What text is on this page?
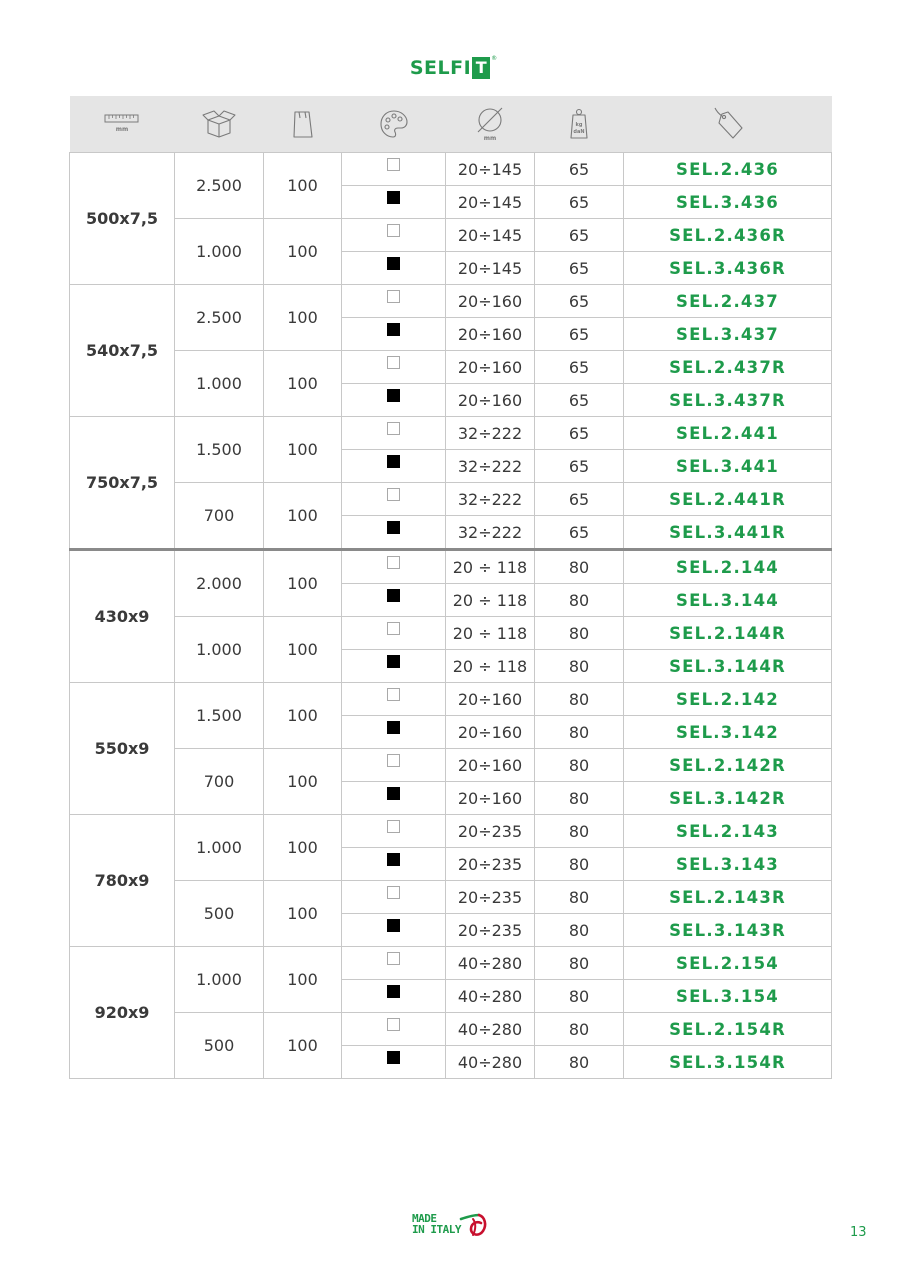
SELFI T ®
mm				mm	kg
daN

500x7,5	2.500	100		20÷145	65	SEL.2.436
				20÷145	65	SEL.3.436
	1.000	100		20÷145	65	SEL.2.436R
				20÷145	65	SEL.3.436R
540x7,5	2.500	100		20÷160	65	SEL.2.437
				20÷160	65	SEL.3.437
	1.000	100		20÷160	65	SEL.2.437R
				20÷160	65	SEL.3.437R
750x7,5	1.500	100		32÷222	65	SEL.2.441
				32÷222	65	SEL.3.441
	700	100		32÷222	65	SEL.2.441R
				32÷222	65	SEL.3.441R
430x9	2.000	100		20 ÷ 118	80	SEL.2.144
				20 ÷ 118	80	SEL.3.144
	1.000	100		20 ÷ 118	80	SEL.2.144R
				20 ÷ 118	80	SEL.3.144R
550x9	1.500	100		20÷160	80	SEL.2.142
				20÷160	80	SEL.3.142
	700	100		20÷160	80	SEL.2.142R
				20÷160	80	SEL.3.142R
780x9	1.000	100		20÷235	80	SEL.2.143
				20÷235	80	SEL.3.143
	500	100		20÷235	80	SEL.2.143R
				20÷235	80	SEL.3.143R
920x9	1.000	100		40÷280	80	SEL.2.154
				40÷280	80	SEL.3.154
	500	100		40÷280	80	SEL.2.154R
				40÷280	80	SEL.3.154R
MADE
IN ITALY	13
